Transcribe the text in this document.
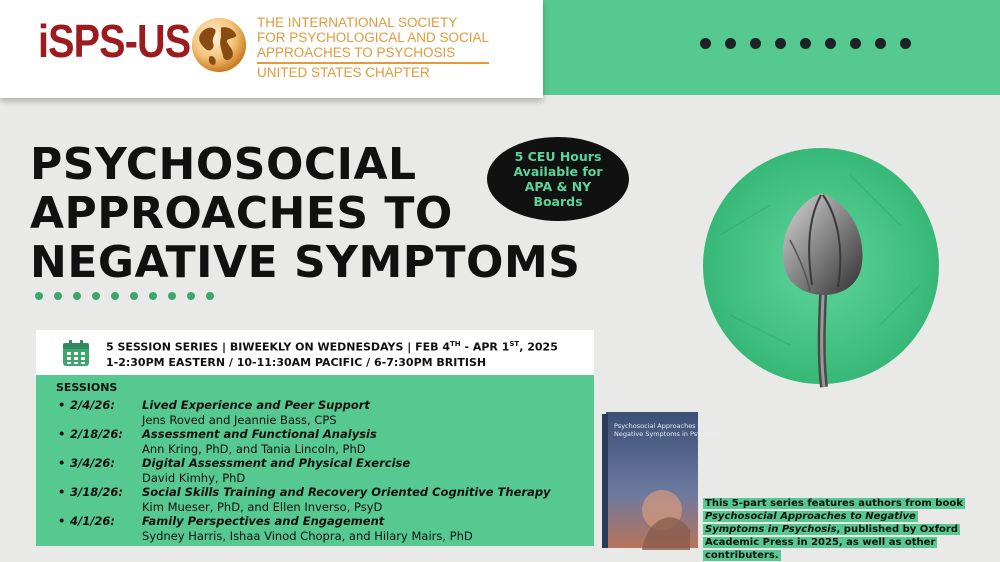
iSPS-US	THE INTERNATIONAL SOCIETY
FOR PSYCHOLOGICAL AND SOCIAL
APPROACHES TO PSYCHOSIS
UNITED STATES CHAPTER
PSYCHOSOCIAL
APPROACHES TO
NEGATIVE SYMPTOMS
5 CEU Hours Available for APA & NY Boards
5 SESSION SERIES | BIWEEKLY ON WEDNESDAYS | FEB 4TH - APR 1ST, 2025
1-2:30PM EASTERN / 10-11:30AM PACIFIC / 6-7:30PM BRITISH
SESSIONS
• 2/4/26:	Lived Experience and Peer Support
Jens Roved and Jeannie Bass, CPS
• 2/18/26:	Assessment and Functional Analysis
Ann Kring, PhD, and Tania Lincoln, PhD
• 3/4/26:	Digital Assessment and Physical Exercise
David Kimhy, PhD
• 3/18/26:	Social Skills Training and Recovery Oriented Cognitive Therapy
Kim Mueser, PhD, and Ellen Inverso, PsyD
• 4/1/26:	Family Perspectives and Engagement
Sydney Harris, Ishaa Vinod Chopra, and Hilary Mairs, PhD
Psychosocial Approaches to
Negative Symptoms in Psychosis
This 5-part series features authors from book Psychosocial Approaches to Negative Symptoms in Psychosis, published by Oxford Academic Press in 2025, as well as other contributers.
